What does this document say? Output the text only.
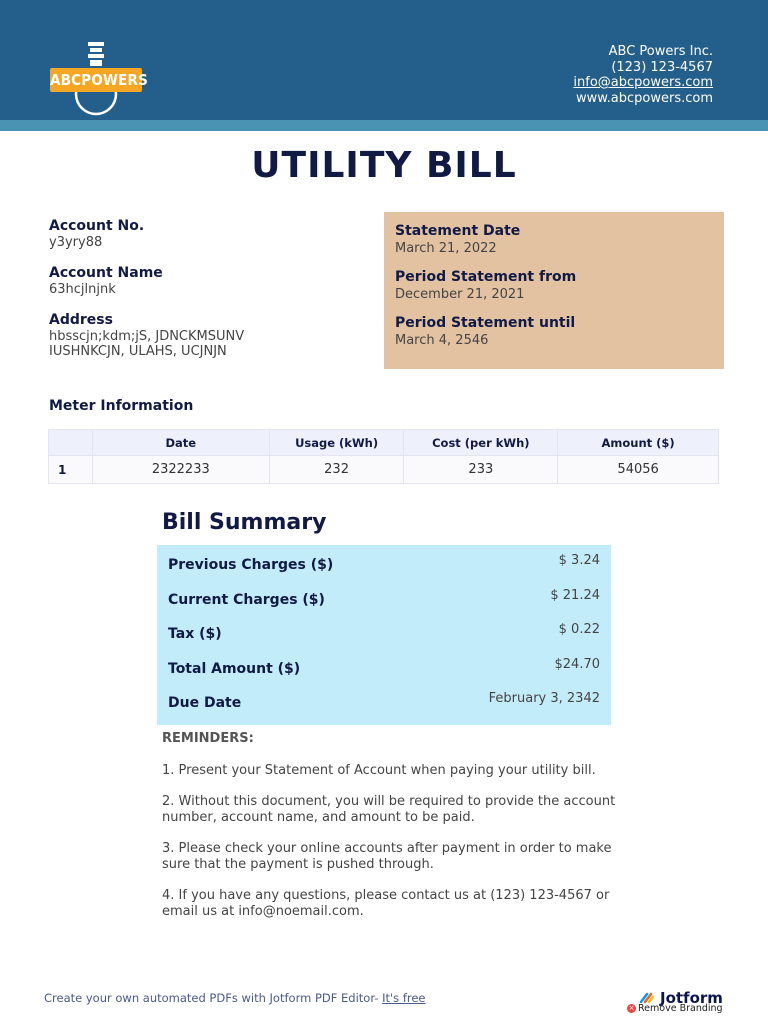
ABCPOWERS
ABC Powers Inc.
(123) 123-4567
info@abcpowers.com
www.abcpowers.com
UTILITY BILL
Account No.
y3yry88
Account Name
63hcjlnjnk
Address
hbsscjn;kdm;jS, JDNCKMSUNV
IUSHNKCJN, ULAHS, UCJNJN
Statement Date
March 21, 2022
Period Statement from
December 21, 2021
Period Statement until
March 4, 2546
Meter Information
	Date	Usage (kWh)	Cost (per kWh)	Amount ($)
1	2322233	232	233	54056
Bill Summary
Previous Charges ($)	$ 3.24
Current Charges ($)	$ 21.24
Tax ($)	$ 0.22
Total Amount ($)	$24.70
Due Date	February 3, 2342
REMINDERS:

1. Present your Statement of Account when paying your utility bill.

2. Without this document, you will be required to provide the account number, account name, and amount to be paid.

3. Please check your online accounts after payment in order to make sure that the payment is pushed through.

4. If you have any questions, please contact us at (123) 123-4567 or email us at info@noemail.com.

Create your own automated PDFs with Jotform PDF Editor- It's free	Jotform
× Remove Branding
